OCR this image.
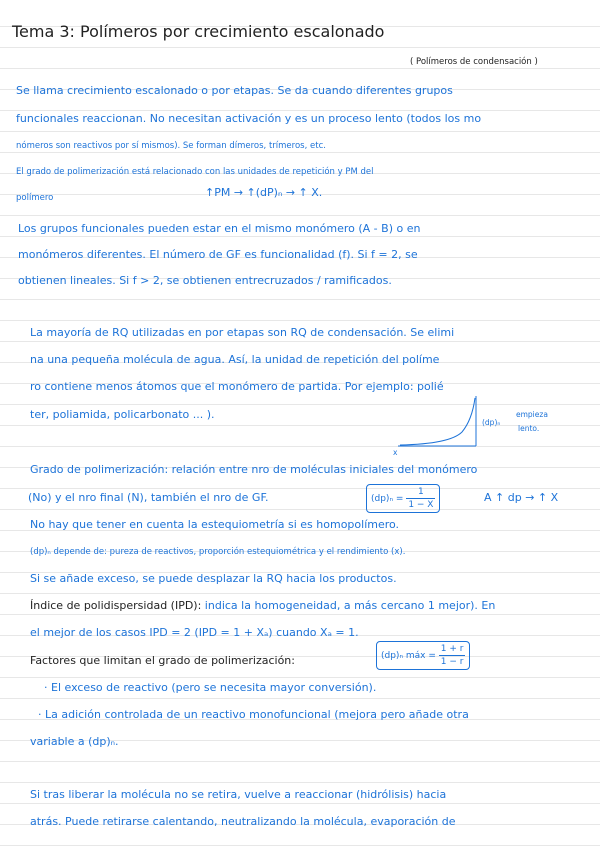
Tema 3: Polímeros por crecimiento escalonado
( Polímeros de condensación )
Se llama crecimiento escalonado o por etapas. Se da cuando diferentes grupos
funcionales reaccionan. No necesitan activación y es un proceso lento (todos los mo
nómeros son reactivos por sí mismos). Se forman dímeros, trímeros, etc.
El grado de polimerización está relacionado con las unidades de repetición y PM del
polímero	↑PM → ↑(dP)ₙ → ↑ X.
Los grupos funcionales pueden estar en el mismo monómero (A - B) o en
monómeros diferentes. El número de GF es funcionalidad (f). Si f = 2, se
obtienen lineales. Si f > 2, se obtienen entrecruzados / ramificados.
La mayoría de RQ utilizadas en por etapas son RQ de condensación. Se elimi
na una pequeña molécula de agua. Así, la unidad de repetición del políme
ro contiene menos átomos que el monómero de partida. Por ejemplo: polié
ter, poliamida, policarbonato ... ).
(dp)ₙ
x
empieza
lento.
Grado de polimerización: relación entre nro de moléculas iniciales del monómero
(No) y el nro final (N), también el nro de GF.	$(dp)_n = \frac{1}{1 - X}$	A ↑ dp → ↑ X
No hay que tener en cuenta la estequiometría si es homopolímero.
(dp)ₙ depende de: pureza de reactivos, proporción estequiométrica y el rendimiento (x).
Si se añade exceso, se puede desplazar la RQ hacia los productos.
Índice de polidispersidad (IPD): indica la homogeneidad, a más cercano 1 mejor). En
el mejor de los casos IPD = 2 (IPD = 1 + Xₐ) cuando Xₐ = 1.
Factores que limitan el grado de polimerización:	(dp)ₙ máx = $\frac{1 + r}{1 - r}$
· El exceso de reactivo (pero se necesita mayor conversión).
· La adición controlada de un reactivo monofuncional (mejora pero añade otra
variable a (dp)ₙ.
Si tras liberar la molécula no se retira, vuelve a reaccionar (hidrólisis) hacia
atrás. Puede retirarse calentando, neutralizando la molécula, evaporación de
